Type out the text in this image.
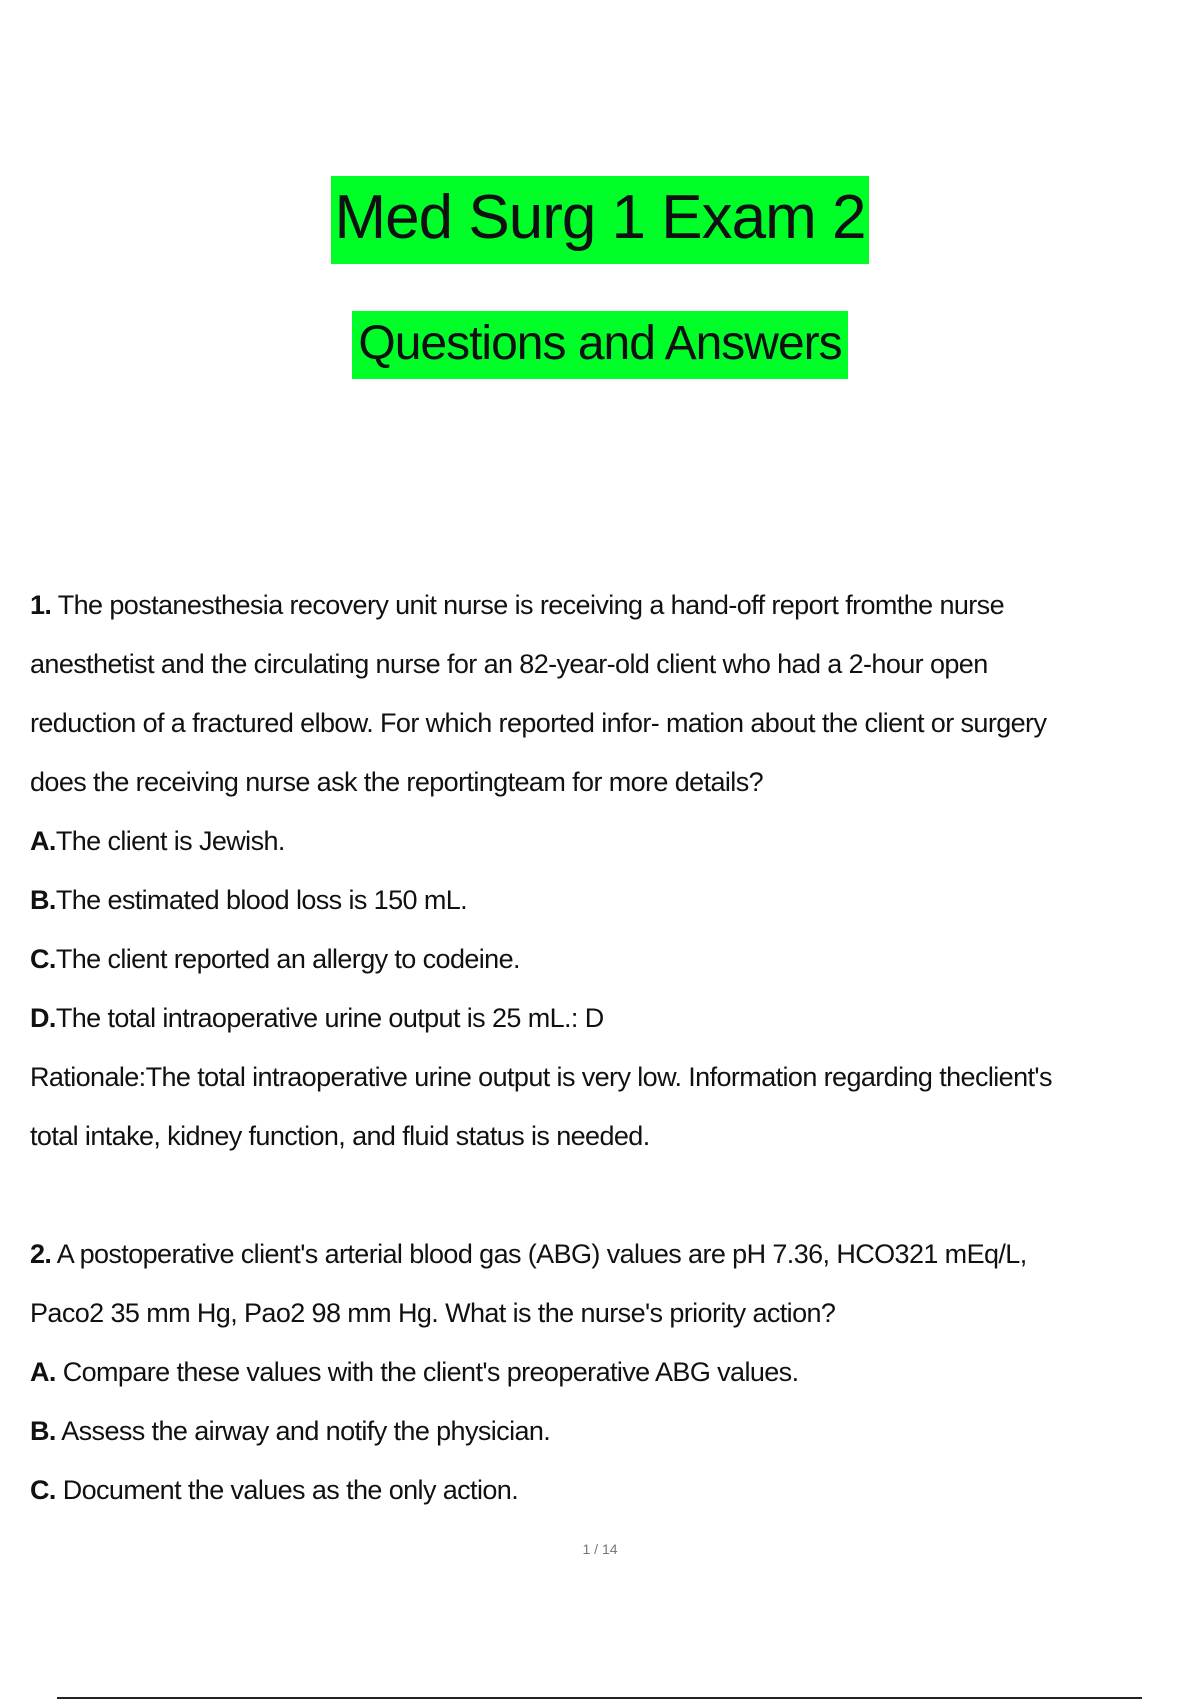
Med Surg 1 Exam 2
Questions and Answers

1. The postanesthesia recovery unit nurse is receiving a hand-off report fromthe nurse

anesthetist and the circulating nurse for an 82-year-old client who had a 2-hour open

reduction of a fractured elbow. For which reported infor- mation about the client or surgery

does the receiving nurse ask the reportingteam for more details?

A.The client is Jewish.

B.The estimated blood loss is 150 mL.

C.The client reported an allergy to codeine.

D.The total intraoperative urine output is 25 mL.: D

Rationale:The total intraoperative urine output is very low. Information regarding theclient's

total intake, kidney function, and fluid status is needed.

2. A postoperative client's arterial blood gas (ABG) values are pH 7.36, HCO321 mEq/L,

Paco2 35 mm Hg, Pao2 98 mm Hg. What is the nurse's priority action?

A. Compare these values with the client's preoperative ABG values.

B. Assess the airway and notify the physician.

C. Document the values as the only action.

1 / 14
